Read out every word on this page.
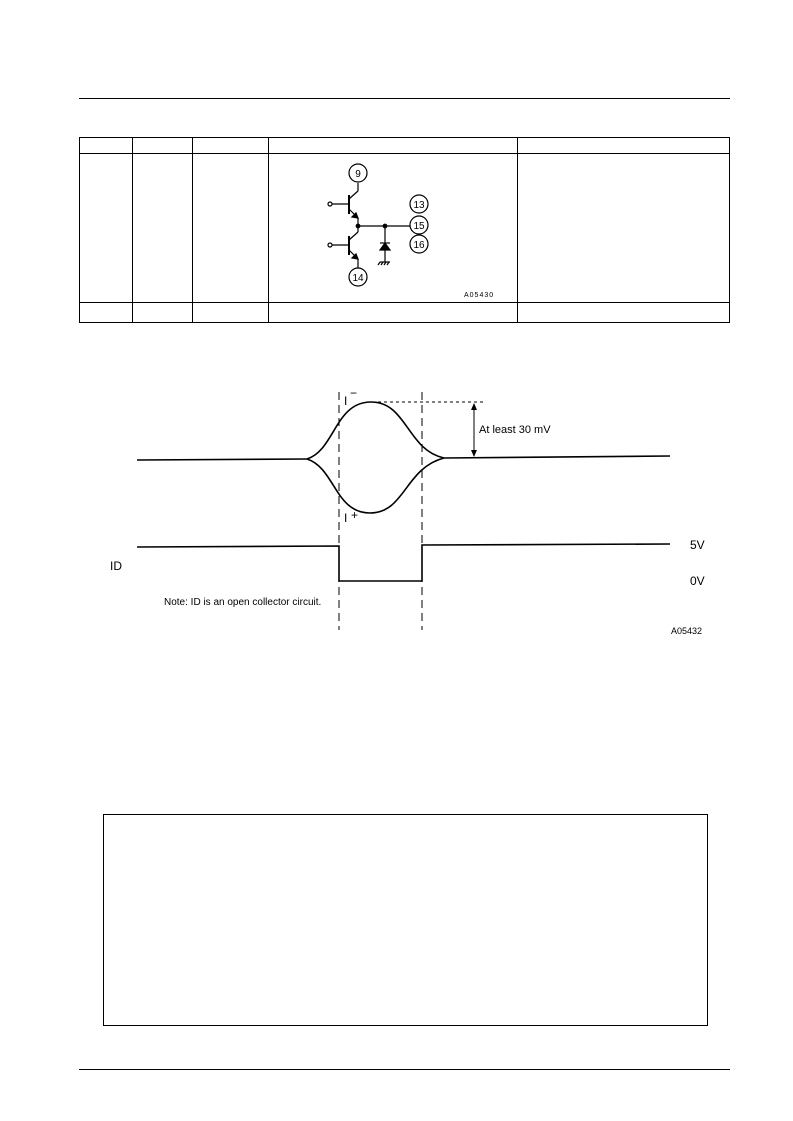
9
13
15
16
14
A05430
I
−
I +
At least 30 mV
ID
5V
0V
Note: ID is an open collector circuit.
A05432
